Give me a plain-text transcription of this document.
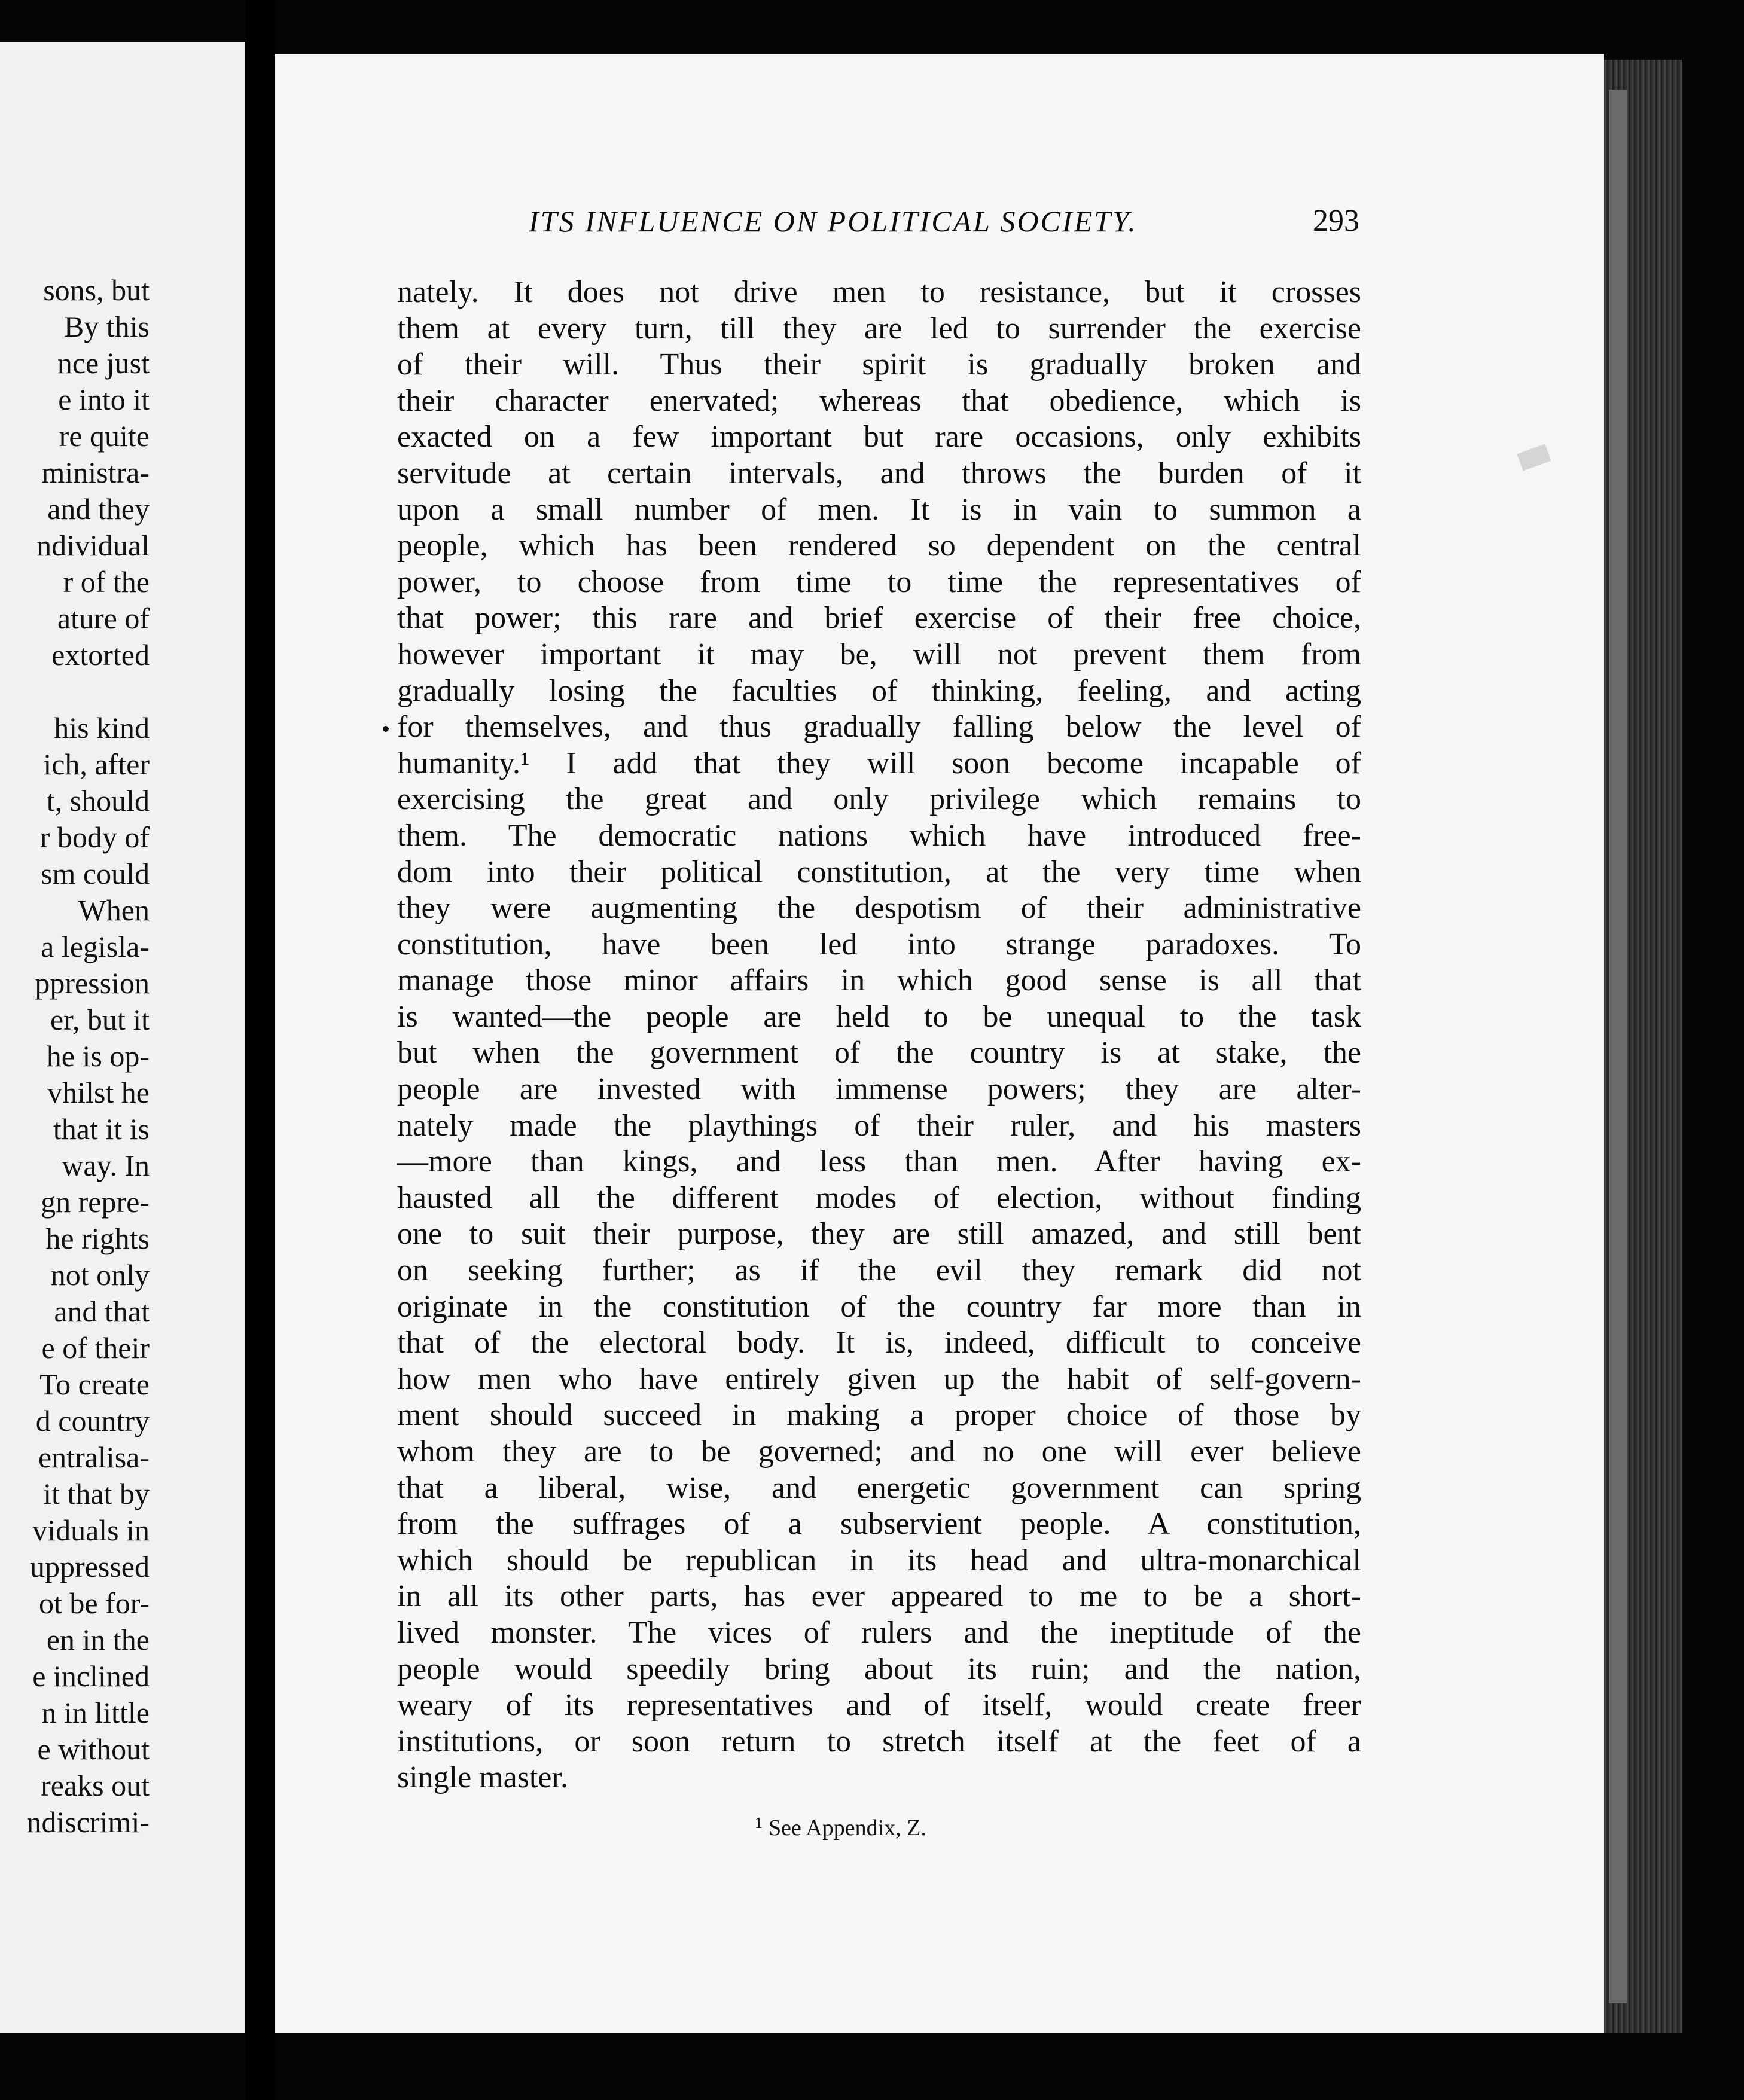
sons, but
By this
nce just
e into it
re quite
ministra-
and they
ndividual
r of the
ature of
extorted
his kind
ich, after
t, should
r body of
sm could
When
a legisla-
ppression
er, but it
he is op-
vhilst he
that it is
way. In
gn repre-
he rights
not only
and that
e of their
To create
d country
entralisa-
it that by
viduals in
uppressed
ot be for-
en in the
e inclined
n in little
e without
reaks out
ndiscrimi-
ITS INFLUENCE ON POLITICAL SOCIETY.	293
nately. It does not drive men to resistance, but it crosses
them at every turn, till they are led to surrender the exercise
of their will. Thus their spirit is gradually broken and
their character enervated; whereas that obedience, which is
exacted on a few important but rare occasions, only exhibits
servitude at certain intervals, and throws the burden of it
upon a small number of men. It is in vain to summon a
people, which has been rendered so dependent on the central
power, to choose from time to time the representatives of
that power; this rare and brief exercise of their free choice,
however important it may be, will not prevent them from
gradually losing the faculties of thinking, feeling, and acting
for themselves, and thus gradually falling below the level of
humanity.¹ I add that they will soon become incapable of
exercising the great and only privilege which remains to
them. The democratic nations which have introduced free-
dom into their political constitution, at the very time when
they were augmenting the despotism of their administrative
constitution, have been led into strange paradoxes. To
manage those minor affairs in which good sense is all that
is wanted—the people are held to be unequal to the task
but when the government of the country is at stake, the
people are invested with immense powers; they are alter-
nately made the playthings of their ruler, and his masters
—more than kings, and less than men. After having ex-
hausted all the different modes of election, without finding
one to suit their purpose, they are still amazed, and still bent
on seeking further; as if the evil they remark did not
originate in the constitution of the country far more than in
that of the electoral body. It is, indeed, difficult to conceive
how men who have entirely given up the habit of self-govern-
ment should succeed in making a proper choice of those by
whom they are to be governed; and no one will ever believe
that a liberal, wise, and energetic government can spring
from the suffrages of a subservient people. A constitution,
which should be republican in its head and ultra-monarchical
in all its other parts, has ever appeared to me to be a short-
lived monster. The vices of rulers and the ineptitude of the
people would speedily bring about its ruin; and the nation,
weary of its representatives and of itself, would create freer
institutions, or soon return to stretch itself at the feet of a
single master.
$^1$ See Appendix, Z.
